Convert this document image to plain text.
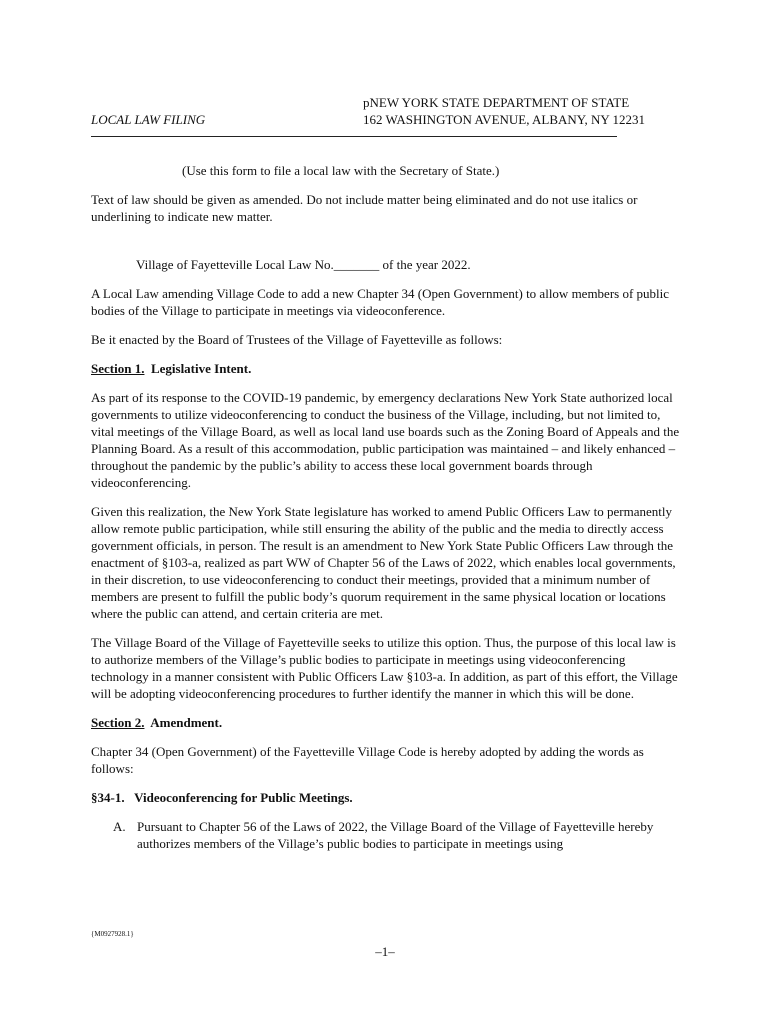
LOCAL LAW FILING
pNEW YORK STATE DEPARTMENT OF STATE
162 WASHINGTON AVENUE, ALBANY, NY 12231

(Use this form to file a local law with the Secretary of State.)

Text of law should be given as amended. Do not include matter being eliminated and do not use italics or underlining to indicate new matter.

Village of Fayetteville Local Law No._______ of the year 2022.

A Local Law amending Village Code to add a new Chapter 34 (Open Government) to allow members of public bodies of the Village to participate in meetings via videoconference.

Be it enacted by the Board of Trustees of the Village of Fayetteville as follows:

Section 1. Legislative Intent.

As part of its response to the COVID-19 pandemic, by emergency declarations New York State authorized local governments to utilize videoconferencing to conduct the business of the Village, including, but not limited to, vital meetings of the Village Board, as well as local land use boards such as the Zoning Board of Appeals and the Planning Board. As a result of this accommodation, public participation was maintained – and likely enhanced – throughout the pandemic by the public’s ability to access these local government boards through videoconferencing.

Given this realization, the New York State legislature has worked to amend Public Officers Law to permanently allow remote public participation, while still ensuring the ability of the public and the media to directly access government officials, in person. The result is an amendment to New York State Public Officers Law through the enactment of §103-a, realized as part WW of Chapter 56 of the Laws of 2022, which enables local governments, in their discretion, to use videoconferencing to conduct their meetings, provided that a minimum number of members are present to fulfill the public body’s quorum requirement in the same physical location or locations where the public can attend, and certain criteria are met.

The Village Board of the Village of Fayetteville seeks to utilize this option. Thus, the purpose of this local law is to authorize members of the Village’s public bodies to participate in meetings using videoconferencing technology in a manner consistent with Public Officers Law §103-a. In addition, as part of this effort, the Village will be adopting videoconferencing procedures to further identify the manner in which this will be done.

Section 2. Amendment.

Chapter 34 (Open Government) of the Fayetteville Village Code is hereby adopted by adding the words as follows:

§34-1. Videoconferencing for Public Meetings.

A. Pursuant to Chapter 56 of the Laws of 2022, the Village Board of the Village of Fayetteville hereby authorizes members of the Village’s public bodies to participate in meetings using
{M0927928.1}
–1–
